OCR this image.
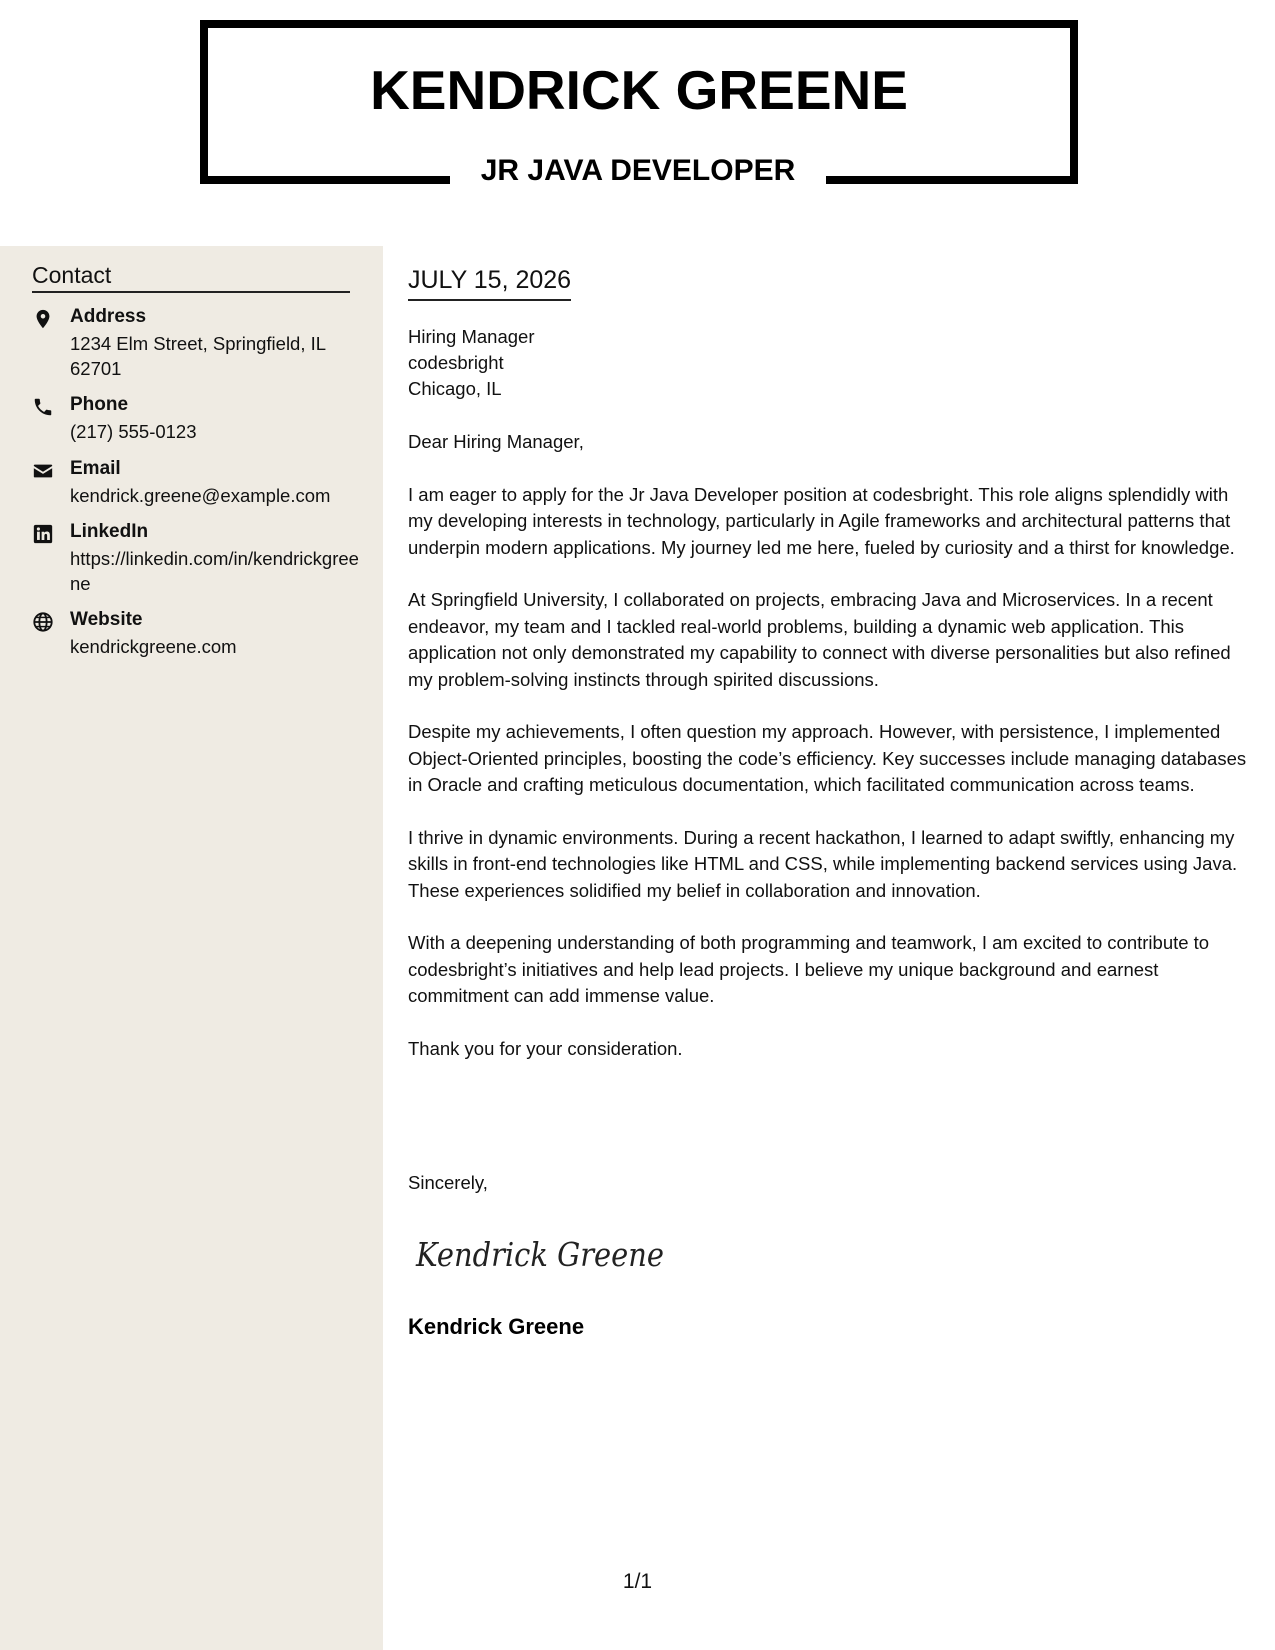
KENDRICK GREENE
JR JAVA DEVELOPER
Contact
Address
1234 Elm Street, Springfield, IL 62701
Phone
(217) 555-0123
Email
kendrick.greene@example.com
LinkedIn
https://linkedin.com/in/kendrickgreene
Website
kendrickgreene.com
JULY 15, 2026
Hiring Manager
codesbright
Chicago, IL

Dear Hiring Manager,

I am eager to apply for the Jr Java Developer position at codesbright. This role aligns splendidly with my developing interests in technology, particularly in Agile frameworks and architectural patterns that underpin modern applications. My journey led me here, fueled by curiosity and a thirst for knowledge.

At Springfield University, I collaborated on projects, embracing Java and Microservices. In a recent endeavor, my team and I tackled real-world problems, building a dynamic web application. This application not only demonstrated my capability to connect with diverse personalities but also refined my problem-solving instincts through spirited discussions.

Despite my achievements, I often question my approach. However, with persistence, I implemented Object-Oriented principles, boosting the code’s efficiency. Key successes include managing databases in Oracle and crafting meticulous documentation, which facilitated communication across teams.

I thrive in dynamic environments. During a recent hackathon, I learned to adapt swiftly, enhancing my skills in front-end technologies like HTML and CSS, while implementing backend services using Java. These experiences solidified my belief in collaboration and innovation.

With a deepening understanding of both programming and teamwork, I am excited to contribute to codesbright’s initiatives and help lead projects. I believe my unique background and earnest commitment can add immense value.

Thank you for your consideration.

Sincerely,
Kendrick Greene
Kendrick Greene
1/1
